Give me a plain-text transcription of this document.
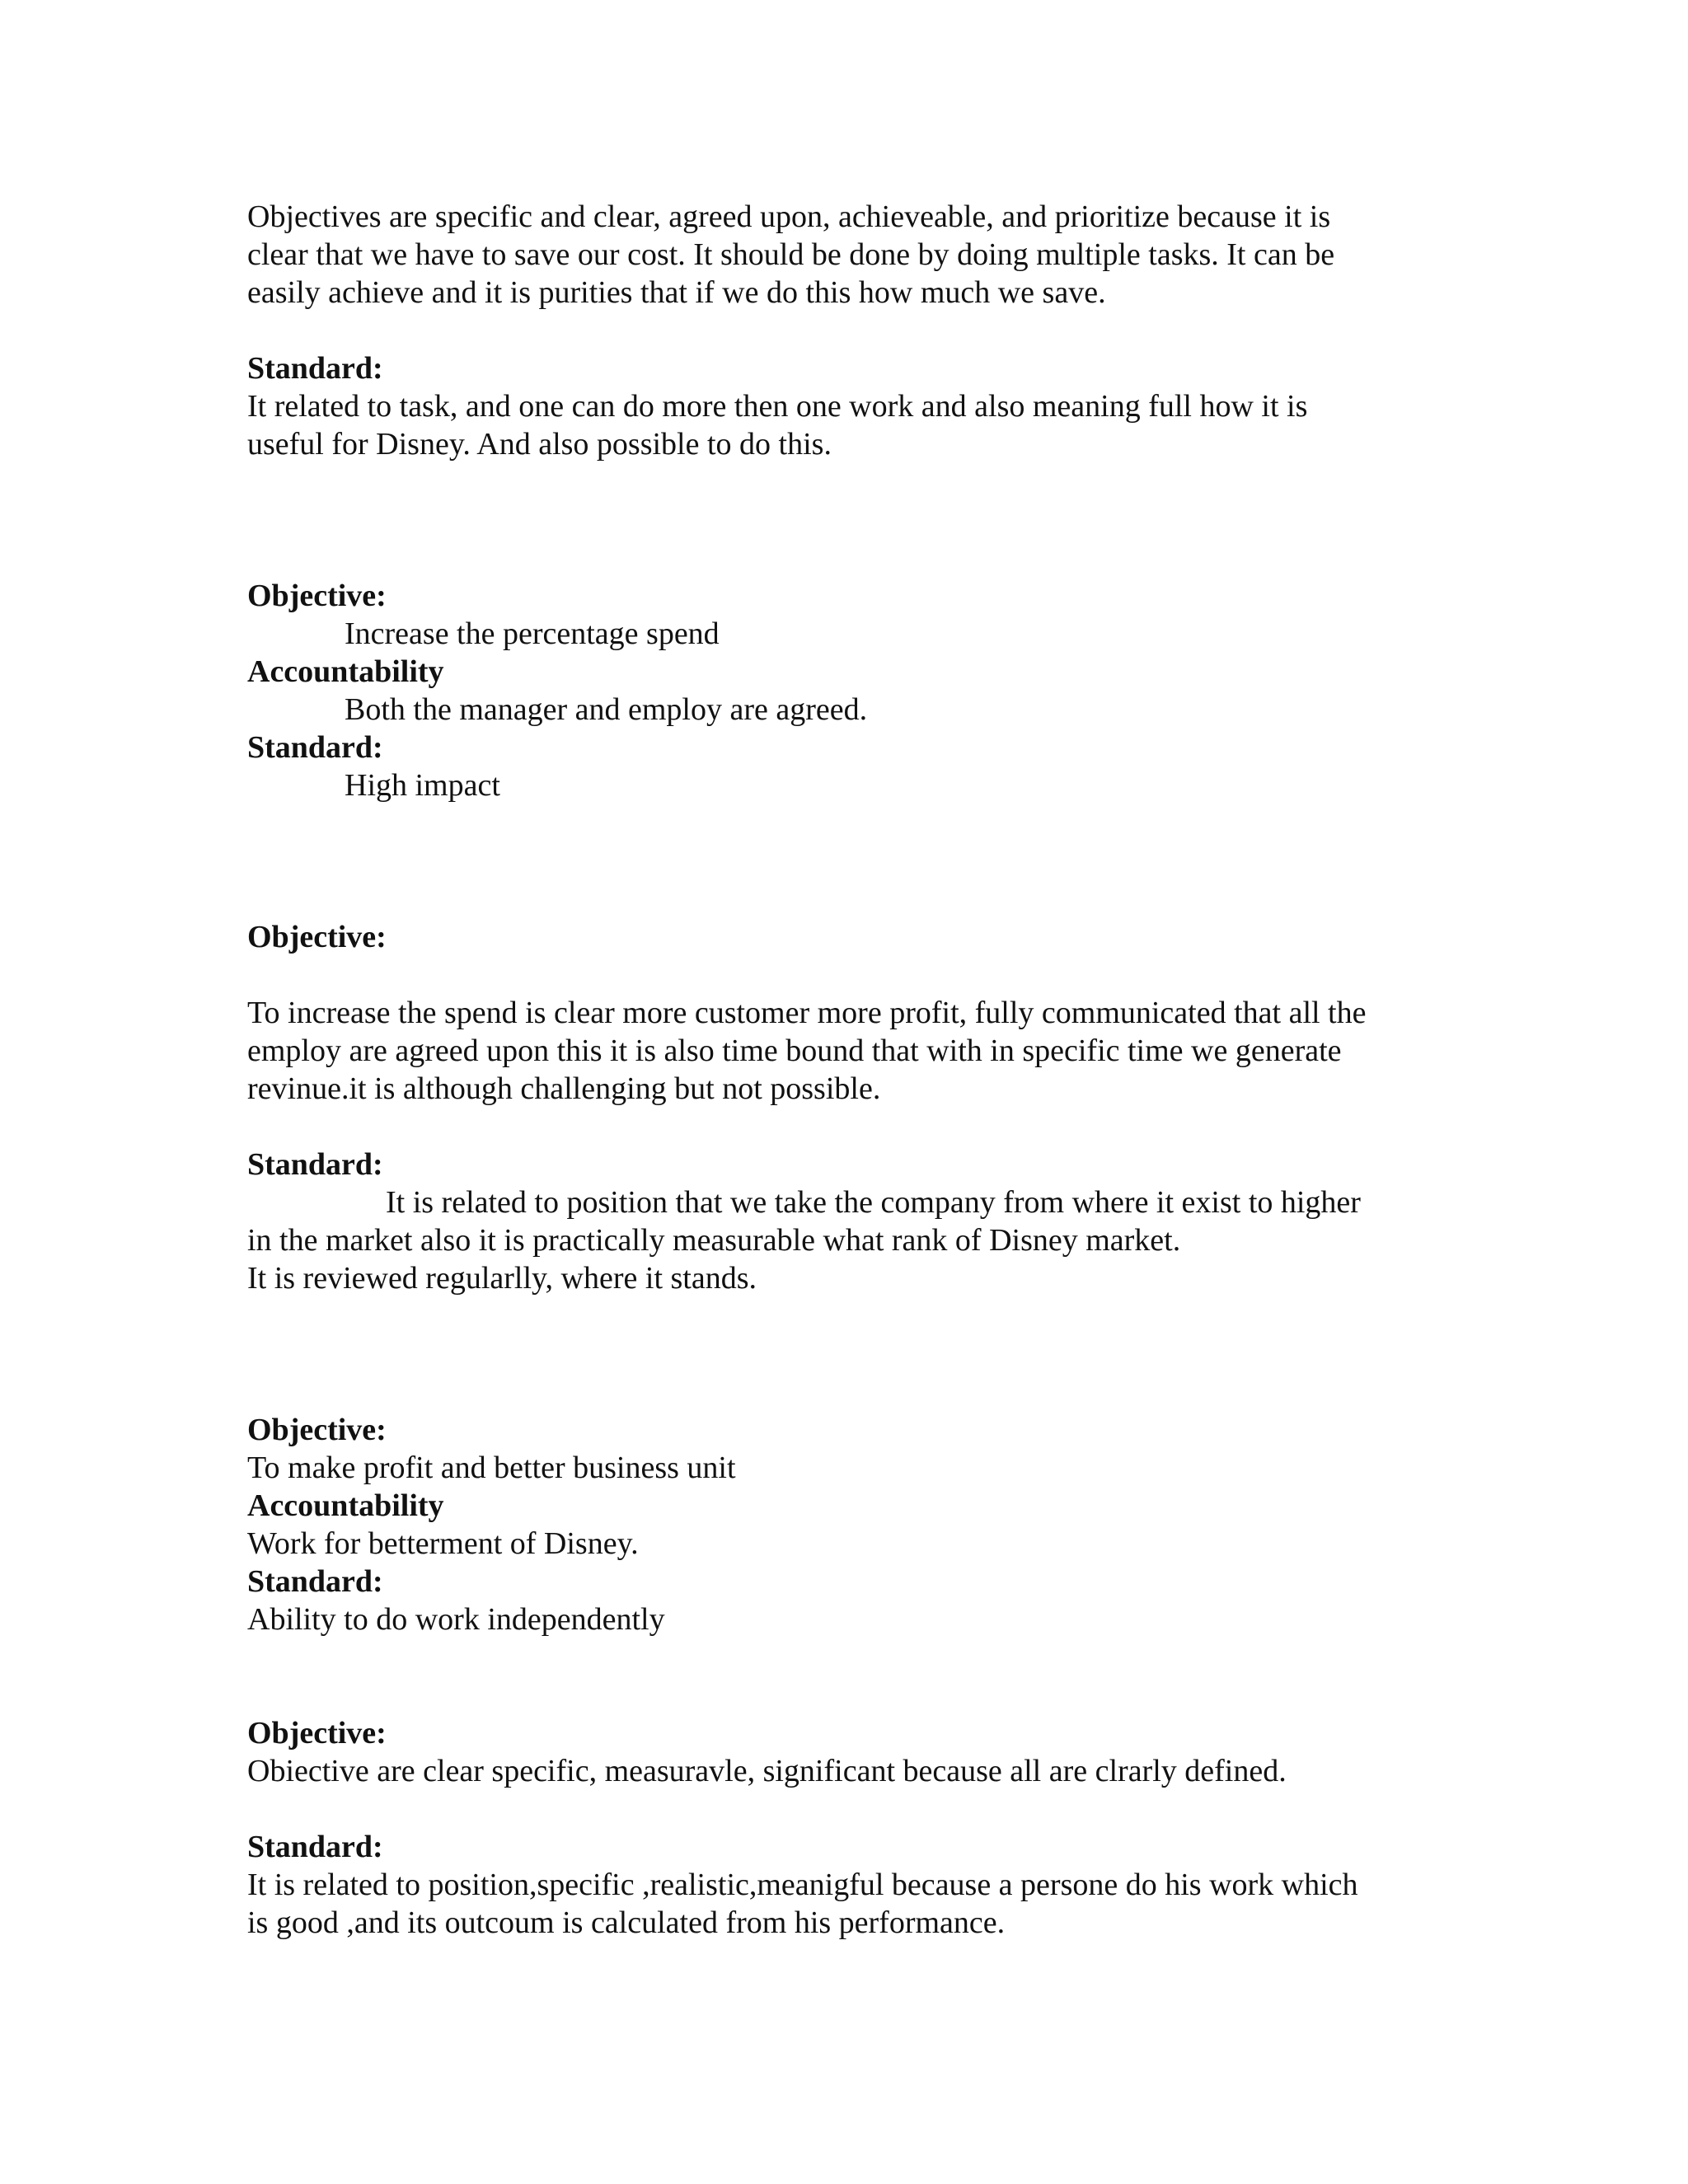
Objectives are specific and clear, agreed upon, achieveable, and prioritize because it is
clear that we have to save our cost. It should be done by doing multiple tasks. It can be
easily achieve and it is purities that if we do this how much we save.
Standard:
It related to task, and one can do more then one work and also meaning full how it is
useful for Disney. And also possible to do this.
Objective:
Increase the percentage spend
Accountability
Both the manager and employ are agreed.
Standard:
High impact
Objective:
To increase the spend is clear more customer more profit, fully communicated that all the
employ are agreed upon this it is also time bound that with in specific time we generate
revinue.it is although challenging but not possible.
Standard:
It is related to position that we take the company from where it exist to higher
in the market also it is practically measurable what rank of Disney market.
It is reviewed regularlly, where it stands.
Objective:
To make profit and better business unit
Accountability
Work for betterment of Disney.
Standard:
Ability to do work independently
Objective:
Obiective are clear specific, measuravle, significant because all are clrarly defined.
Standard:
It is related to position,specific ,realistic,meanigful because a persone do his work which
is good ,and its outcoum is calculated from his performance.
